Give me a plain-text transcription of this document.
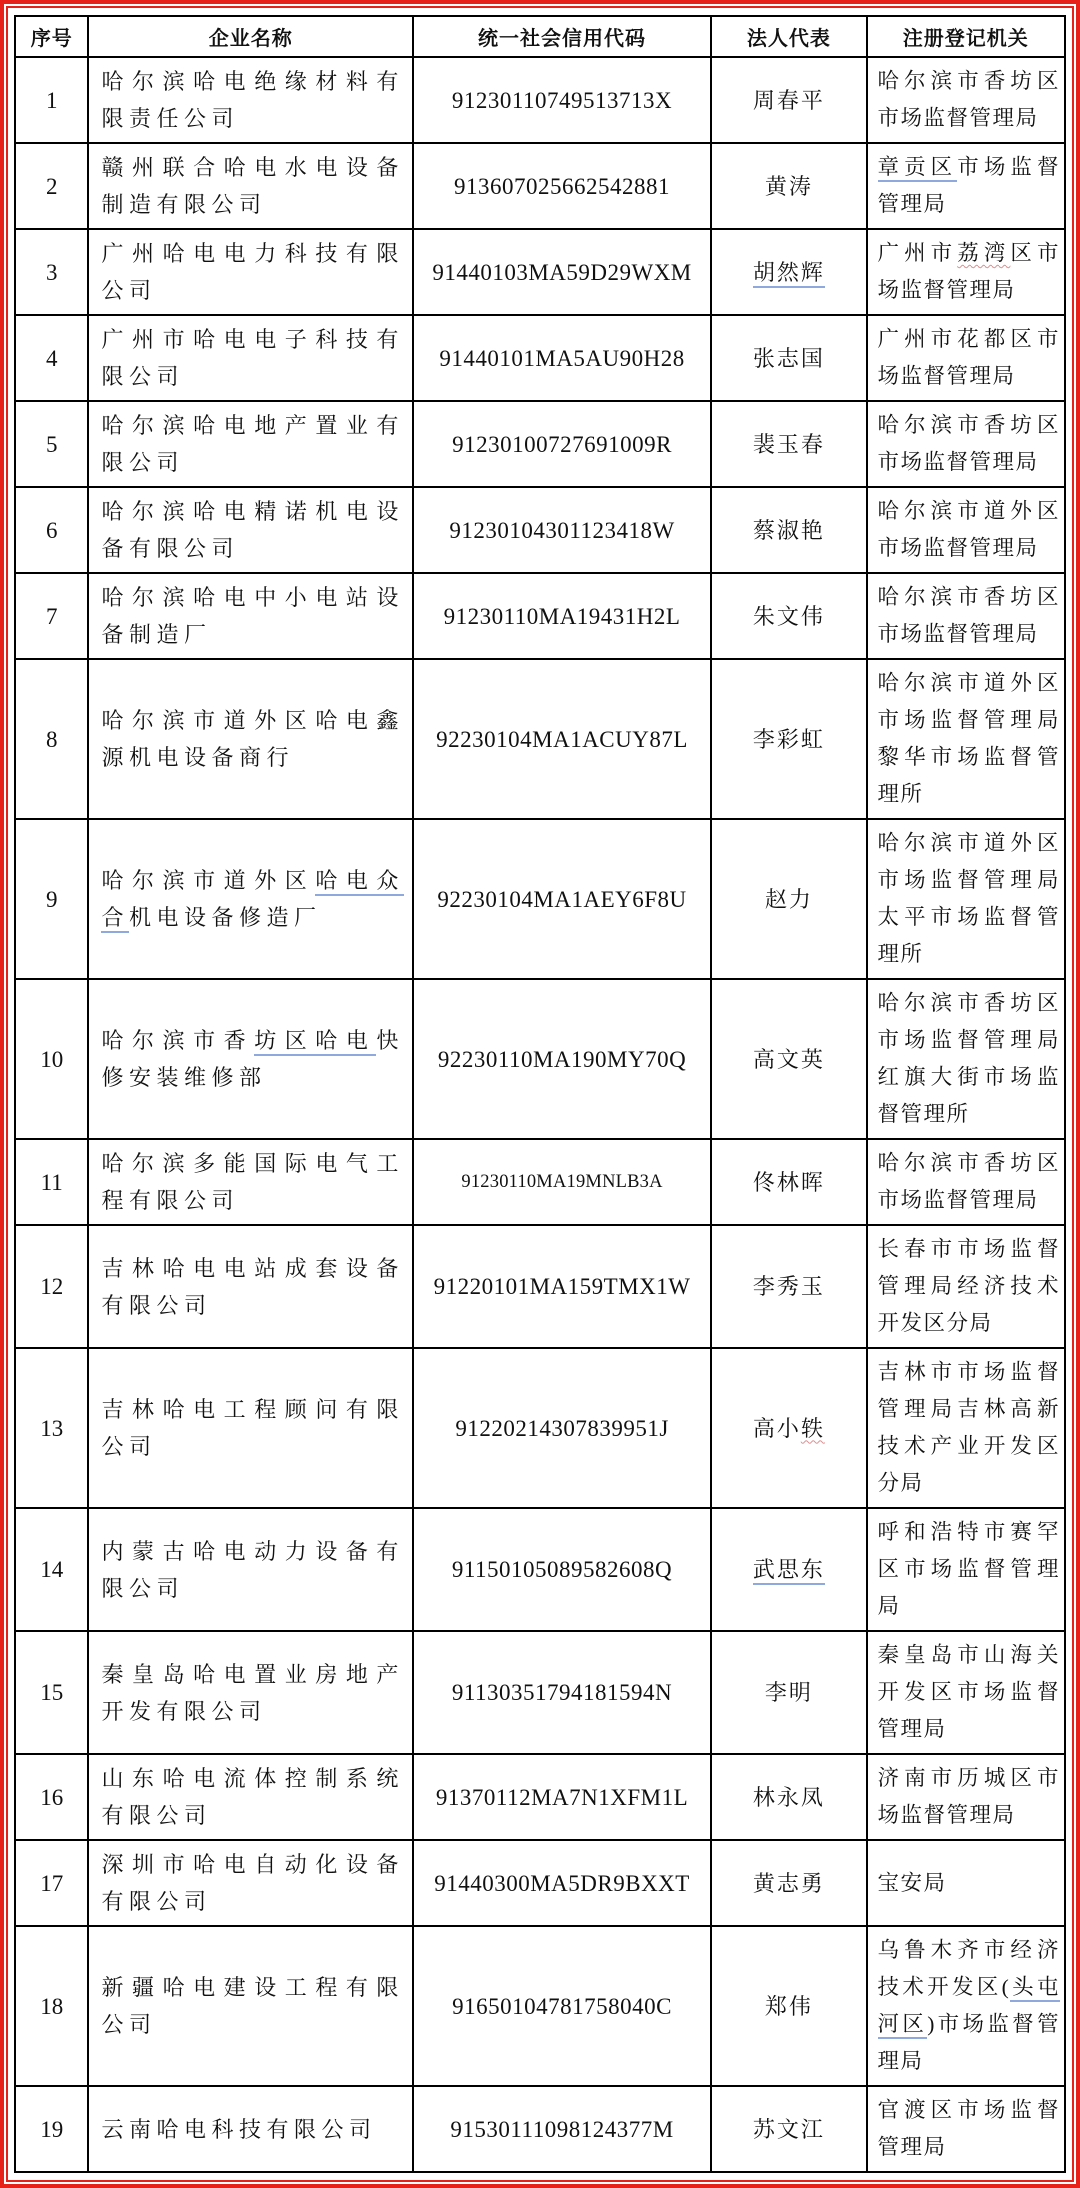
序号	企业名称	统一社会信用代码	法人代表	注册登记机关
1	哈尔滨哈电绝缘材料有限责任公司	91230110749513713X	周春平	哈尔滨市香坊区市场监督管理局
2	赣州联合哈电水电设备制造有限公司	913607025662542881	黄涛	章贡区市场监督管理局
3	广州哈电电力科技有限公司	91440103MA59D29WXM	胡然辉	广州市荔湾区市场监督管理局
4	广州市哈电电子科技有限公司	91440101MA5AU90H28	张志国	广州市花都区市场监督管理局
5	哈尔滨哈电地产置业有限公司	91230100727691009R	裴玉春	哈尔滨市香坊区市场监督管理局
6	哈尔滨哈电精诺机电设备有限公司	91230104301123418W	蔡淑艳	哈尔滨市道外区市场监督管理局
7	哈尔滨哈电中小电站设备制造厂	91230110MA19431H2L	朱文伟	哈尔滨市香坊区市场监督管理局
8	哈尔滨市道外区哈电鑫源机电设备商行	92230104MA1ACUY87L	李彩虹	哈尔滨市道外区市场监督管理局黎华市场监督管理所
9	哈尔滨市道外区哈电众合机电设备修造厂	92230104MA1AEY6F8U	赵力	哈尔滨市道外区市场监督管理局太平市场监督管理所
10	哈尔滨市香坊区哈电快修安装维修部	92230110MA190MY70Q	高文英	哈尔滨市香坊区市场监督管理局红旗大街市场监督管理所
11	哈尔滨多能国际电气工程有限公司	91230110MA19MNLB3A	佟林晖	哈尔滨市香坊区市场监督管理局
12	吉林哈电电站成套设备有限公司	91220101MA159TMX1W	李秀玉	长春市市场监督管理局经济技术开发区分局
13	吉林哈电工程顾问有限公司	91220214307839951J	高小轶	吉林市市场监督管理局吉林高新技术产业开发区分局
14	内蒙古哈电动力设备有限公司	91150105089582608Q	武思东	呼和浩特市赛罕区市场监督管理局
15	秦皇岛哈电置业房地产开发有限公司	91130351794181594N	李明	秦皇岛市山海关开发区市场监督管理局
16	山东哈电流体控制系统有限公司	91370112MA7N1XFM1L	林永凤	济南市历城区市场监督管理局
17	深圳市哈电自动化设备有限公司	91440300MA5DR9BXXT	黄志勇	宝安局
18	新疆哈电建设工程有限公司	91650104781758040C	郑伟	乌鲁木齐市经济技术开发区(头屯河区)市场监督管理局
19	云南哈电科技有限公司	91530111098124377M	苏文江	官渡区市场监督管理局
